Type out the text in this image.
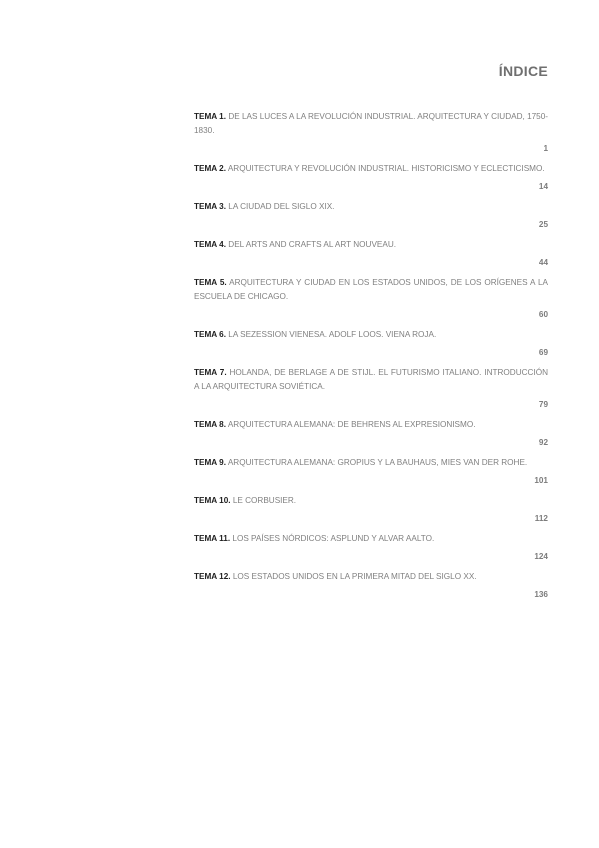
ÍNDICE
TEMA 1. DE LAS LUCES A LA REVOLUCIÓN INDUSTRIAL. ARQUITECTURA Y CIUDAD, 1750-1830.
1
TEMA 2. ARQUITECTURA Y REVOLUCIÓN INDUSTRIAL. HISTORICISMO Y ECLECTICISMO.
14
TEMA 3. LA CIUDAD DEL SIGLO XIX.
25
TEMA 4. DEL ARTS AND CRAFTS AL ART NOUVEAU.
44
TEMA 5. ARQUITECTURA Y CIUDAD EN LOS ESTADOS UNIDOS, DE LOS ORÍGENES A LA ESCUELA DE CHICAGO.
60
TEMA 6. LA SEZESSION VIENESA. ADOLF LOOS. VIENA ROJA.
69
TEMA 7. HOLANDA, DE BERLAGE A DE STIJL. EL FUTURISMO ITALIANO. INTRODUCCIÓN A LA ARQUITECTURA SOVIÉTICA.
79
TEMA 8. ARQUITECTURA ALEMANA: DE BEHRENS AL EXPRESIONISMO.
92
TEMA 9. ARQUITECTURA ALEMANA: GROPIUS Y LA BAUHAUS, MIES VAN DER ROHE.
101
TEMA 10. LE CORBUSIER.
112
TEMA 11. LOS PAÍSES NÓRDICOS: ASPLUND Y ALVAR AALTO.
124
TEMA 12. LOS ESTADOS UNIDOS EN LA PRIMERA MITAD DEL SIGLO XX.
136
